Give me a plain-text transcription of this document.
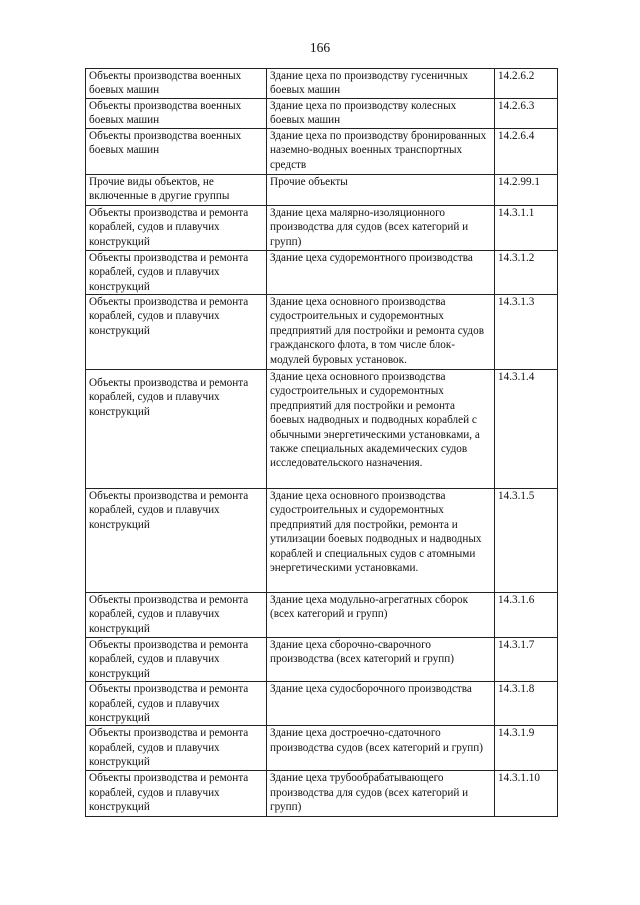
166
Объекты производства военных боевых машин	Здание цеха по производству гусеничных боевых машин	14.2.6.2
Объекты производства военных боевых машин	Здание цеха по производству колесных боевых машин	14.2.6.3
Объекты производства военных боевых машин	Здание цеха по производству бронированных наземно-водных военных транспортных средств	14.2.6.4
Прочие виды объектов, не включенные в другие группы	Прочие объекты	14.2.99.1
Объекты производства и ремонта кораблей, судов и плавучих конструкций	Здание цеха малярно-изоляционного производства для судов (всех категорий и групп)	14.3.1.1
Объекты производства и ремонта кораблей, судов и плавучих конструкций	Здание цеха судоремонтного производства	14.3.1.2
Объекты производства и ремонта кораблей, судов и плавучих конструкций	Здание цеха основного производства судостроительных и судоремонтных предприятий для постройки и ремонта судов гражданского флота, в том числе блок-модулей буровых установок.	14.3.1.3
Объекты производства и ремонта кораблей, судов и плавучих конструкций	Здание цеха основного производства судостроительных и судоремонтных предприятий для постройки и ремонта боевых надводных и подводных кораблей с обычными энергетическими установками, а также специальных академических судов исследовательского назначения.	14.3.1.4
Объекты производства и ремонта кораблей, судов и плавучих конструкций	Здание цеха основного производства судостроительных и судоремонтных предприятий для постройки, ремонта и утилизации боевых подводных и надводных кораблей и специальных судов с атомными энергетическими установками.	14.3.1.5
Объекты производства и ремонта кораблей, судов и плавучих конструкций	Здание цеха модульно-агрегатных сборок (всех категорий и групп)	14.3.1.6
Объекты производства и ремонта кораблей, судов и плавучих конструкций	Здание цеха сборочно-сварочного производства (всех категорий и групп)	14.3.1.7
Объекты производства и ремонта кораблей, судов и плавучих конструкций	Здание цеха судосборочного производства	14.3.1.8
Объекты производства и ремонта кораблей, судов и плавучих конструкций	Здание цеха достроечно-сдаточного производства судов (всех категорий и групп)	14.3.1.9
Объекты производства и ремонта кораблей, судов и плавучих конструкций	Здание цеха трубообрабатывающего производства для судов (всех категорий и групп)	14.3.1.10
